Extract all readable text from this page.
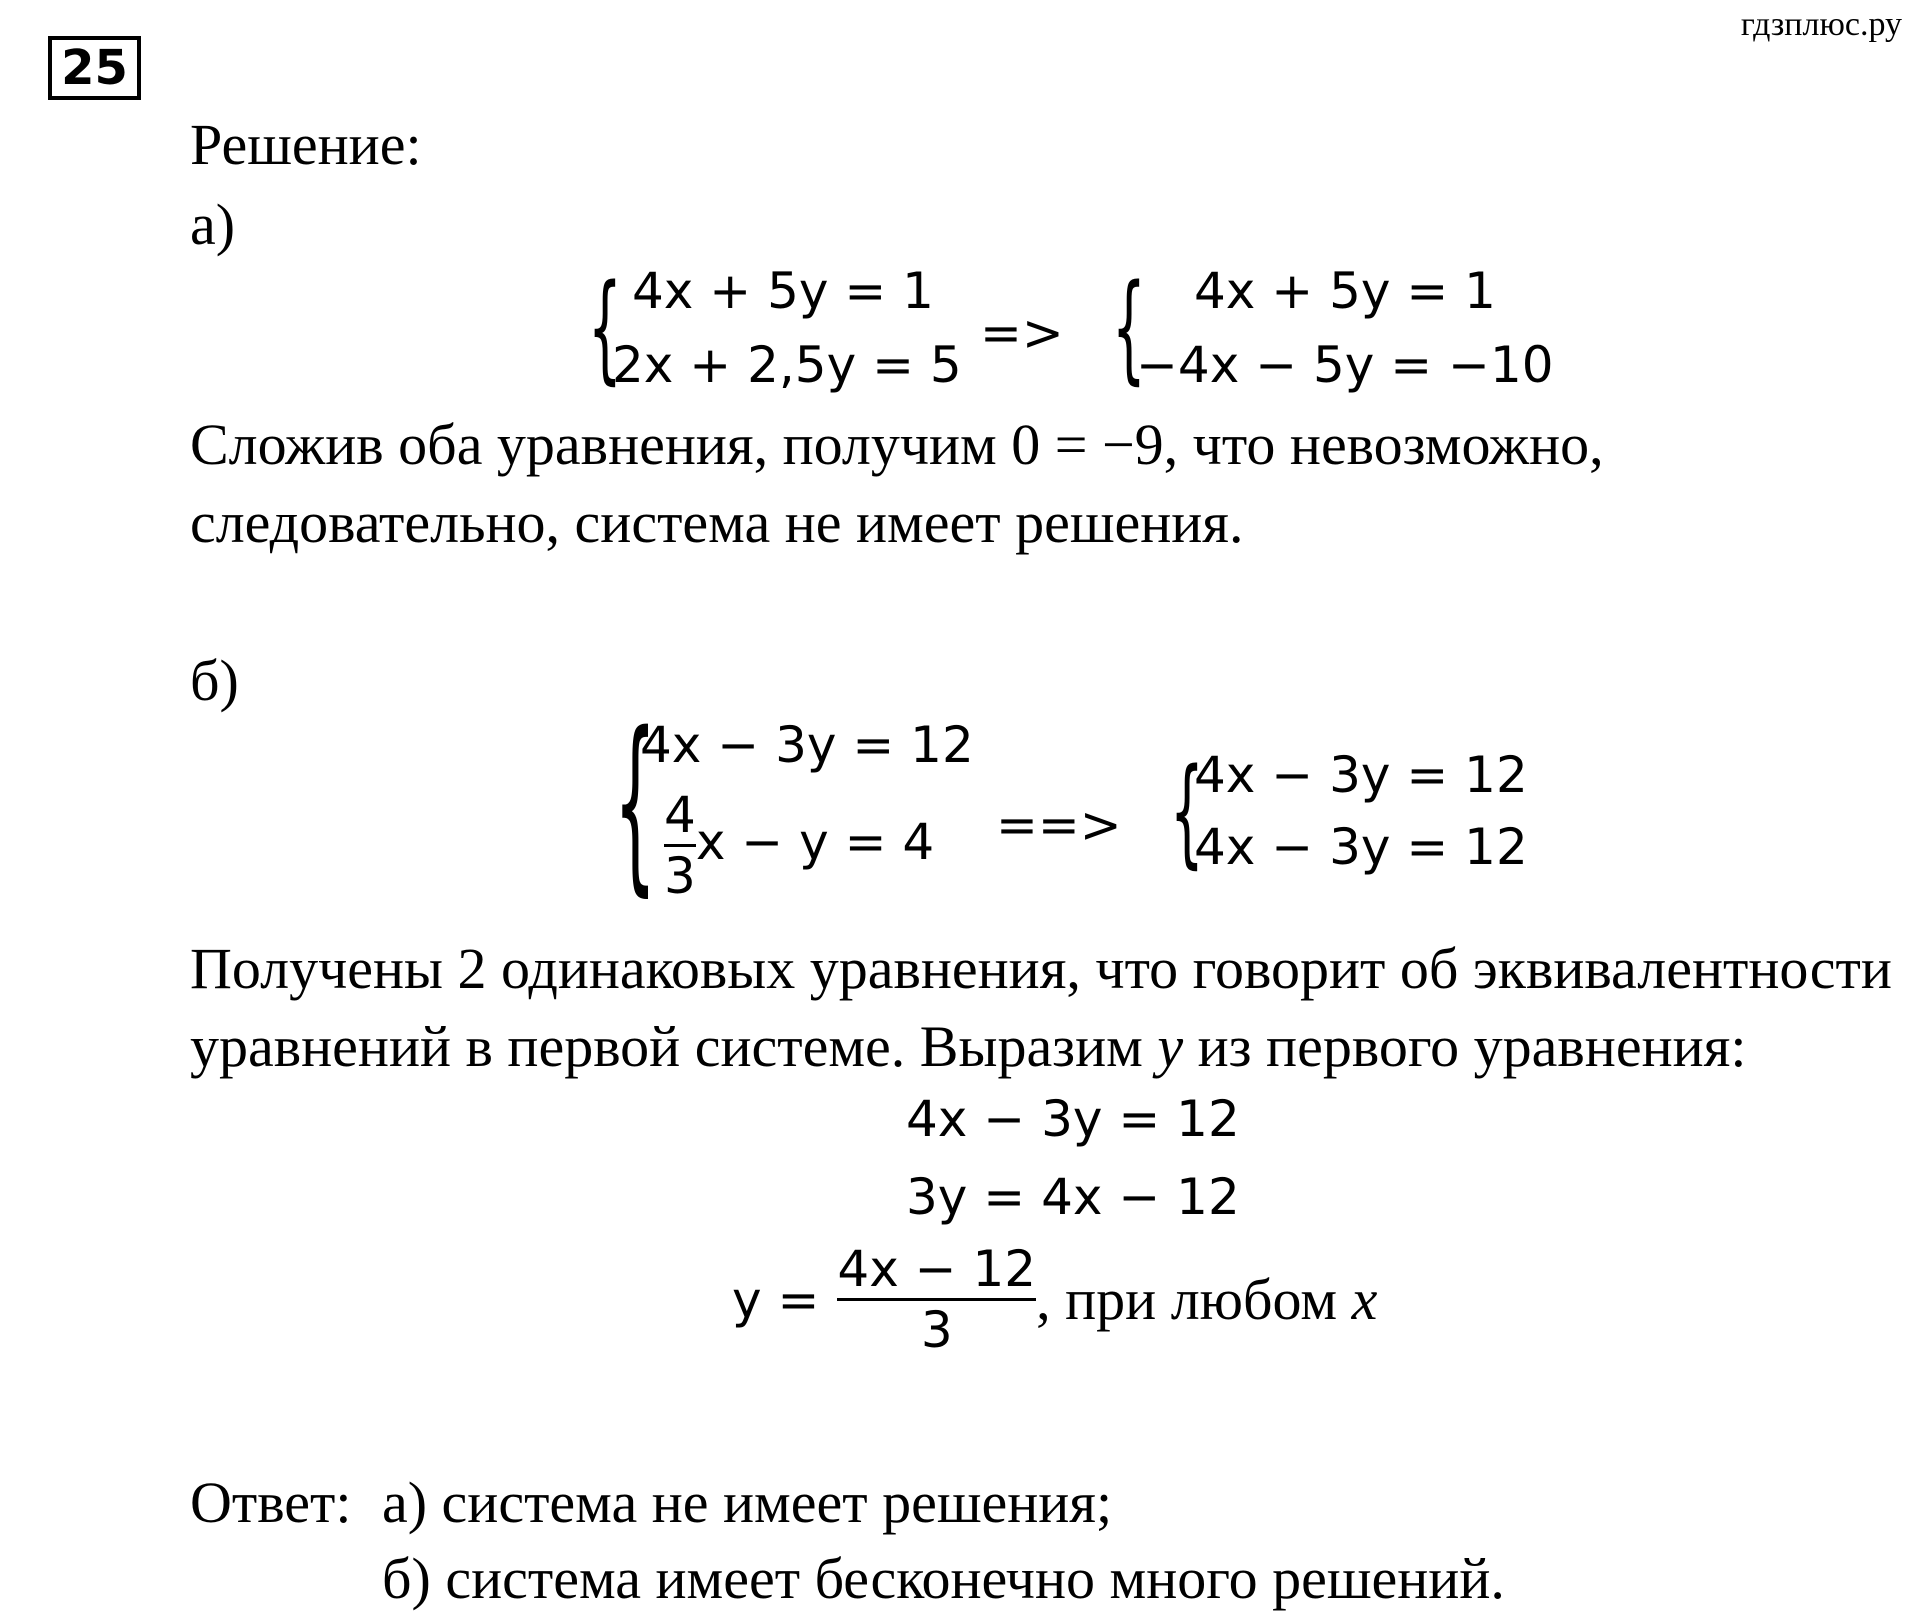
25
гдзплюс.ру
Решение:
а)
{ 4x + 5y = 1
2x + 2,5y = 5
=> { 4x + 5y = 1
−4x − 5y = −10
Сложив оба уравнения, получим 0 = −9, что невозможно,
следовательно, система не имеет решения.
б)
{
4x − 3y = 12
$\frac{4}{3}$ x − y = 4 ==> {
4x − 3y = 12
4x − 3y = 12
Получены 2 одинаковых уравнения, что говорит об эквивалентности
уравнений в первой системе. Выразим y из первого уравнения:
4x − 3y = 12
3y = 4x − 12
$y = \frac{4x - 12}{3}$ , при любом x
Ответ: а) система не имеет решения;
б) система имеет бесконечно много решений.
